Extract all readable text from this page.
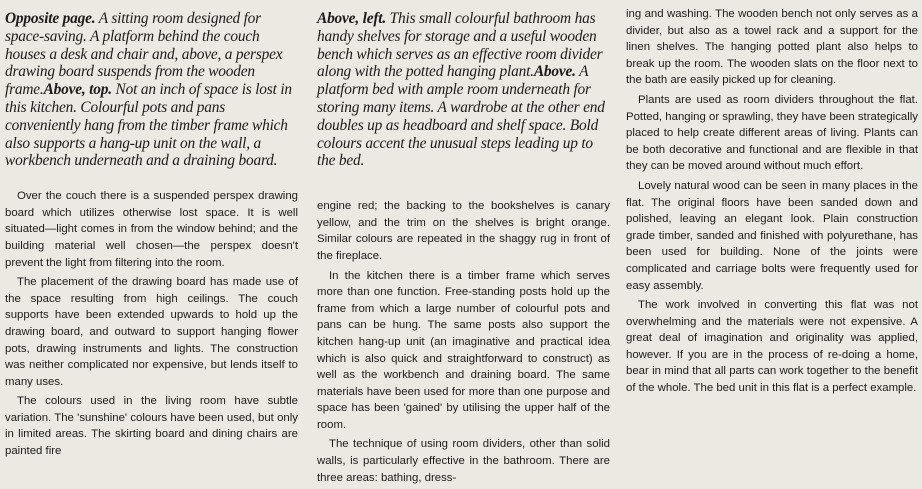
Opposite page. A sitting room designed for space-saving. A platform behind the couch houses a desk and chair and, above, a perspex drawing board suspends from the wooden frame.Above, top. Not an inch of space is lost in this kitchen. Colourful pots and pans conveniently hang from the timber frame which also supports a hang-up unit on the wall, a workbench underneath and a draining board.

Over the couch there is a suspended perspex drawing board which utilizes otherwise lost space. It is well situated—light comes in from the window behind; and the building material well chosen—the perspex doesn't prevent the light from filtering into the room.

The placement of the drawing board has made use of the space resulting from high ceilings. The couch supports have been extended upwards to hold up the drawing board, and outward to support hanging flower pots, drawing instruments and lights. The construction was neither complicated nor expensive, but lends itself to many uses.

The colours used in the living room have subtle variation. The 'sunshine' colours have been used, but only in limited areas. The skirting board and dining chairs are painted fire

Above, left. This small colourful bathroom has handy shelves for storage and a useful wooden bench which serves as an effective room divider along with the potted hanging plant.Above. A platform bed with ample room underneath for storing many items. A wardrobe at the other end doubles up as headboard and shelf space. Bold colours accent the unusual steps leading up to the bed.

engine red; the backing to the bookshelves is canary yellow, and the trim on the shelves is bright orange. Similar colours are repeated in the shaggy rug in front of the fireplace.

In the kitchen there is a timber frame which serves more than one function. Free-standing posts hold up the frame from which a large number of colourful pots and pans can be hung. The same posts also support the kitchen hang-up unit (an imaginative and practical idea which is also quick and straightforward to construct) as well as the workbench and draining board. The same materials have been used for more than one purpose and space has been 'gained' by utilising the upper half of the room.

The technique of using room dividers, other than solid walls, is particularly effective in the bathroom. There are three areas: bathing, dress-

ing and washing. The wooden bench not only serves as a divider, but also as a towel rack and a support for the linen shelves. The hanging potted plant also helps to break up the room. The wooden slats on the floor next to the bath are easily picked up for cleaning.

Plants are used as room dividers throughout the flat. Potted, hanging or sprawling, they have been strategically placed to help create different areas of living. Plants can be both decorative and functional and are flexible in that they can be moved around without much effort.

Lovely natural wood can be seen in many places in the flat. The original floors have been sanded down and polished, leaving an elegant look. Plain construction grade timber, sanded and finished with polyurethane, has been used for building. None of the joints were complicated and carriage bolts were frequently used for easy assembly.

The work involved in converting this flat was not overwhelming and the materials were not expensive. A great deal of imagination and originality was applied, however. If you are in the process of re-doing a home, bear in mind that all parts can work together to the benefit of the whole. The bed unit in this flat is a perfect example.
